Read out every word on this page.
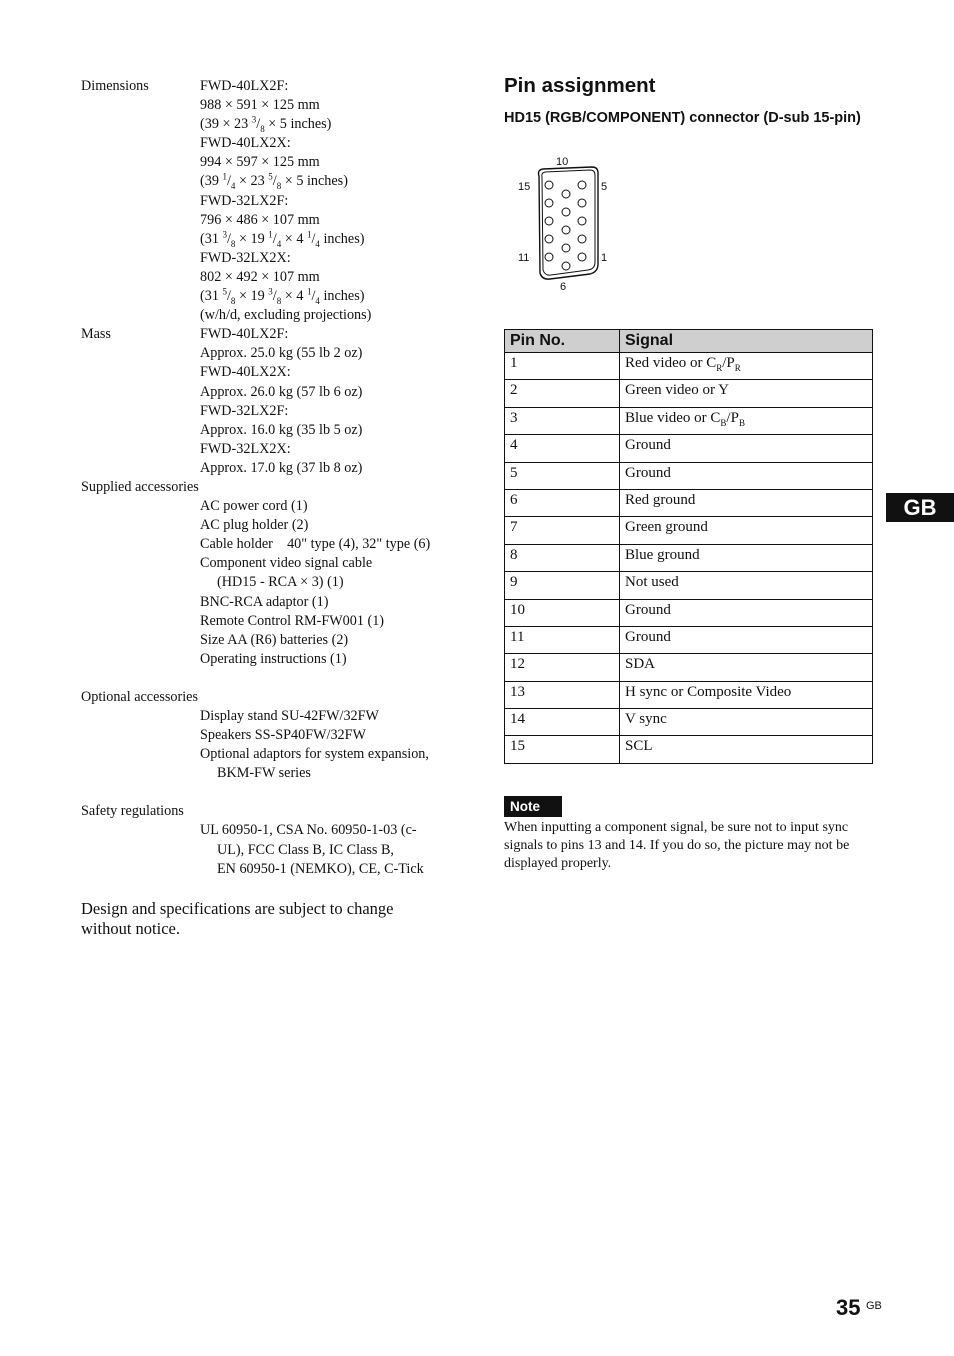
Dimensions	FWD-40LX2F:
988 × 591 × 125 mm
(39 × 23 $^3/_8 \times 5$ inches)
FWD-40LX2X:
994 × 597 × 125 mm
(39 $^1/_4 \times 23$ $^5/_8 \times 5$ inches)
FWD-32LX2F:
796 × 486 × 107 mm
(31 $^3/_8 \times 19$ $^1/_4 \times 4$ $^1/_4$ inches)
FWD-32LX2X:
802 × 492 × 107 mm
(31 $^5/_8 \times 19$ $^3/_8 \times 4$ $^1/_4$ inches)
(w/h/d, excluding projections)
Mass	FWD-40LX2F:
Approx. 25.0 kg (55 lb 2 oz)
FWD-40LX2X:
Approx. 26.0 kg (57 lb 6 oz)
FWD-32LX2F:
Approx. 16.0 kg (35 lb 5 oz)
FWD-32LX2X:
Approx. 17.0 kg (37 lb 8 oz)
Supplied accessories
AC power cord (1)
AC plug holder (2)
Cable holder    40" type (4), 32" type (6)
Component video signal cable
(HD15 - RCA × 3) (1)
BNC-RCA adaptor (1)
Remote Control RM-FW001 (1)
Size AA (R6) batteries (2)
Operating instructions (1)
Optional accessories
Display stand SU-42FW/32FW
Speakers SS-SP40FW/32FW
Optional adaptors for system expansion,
BKM-FW series
Safety regulations
UL 60950-1, CSA No. 60950-1-03 (c-
UL), FCC Class B, IC Class B,
EN 60950-1 (NEMKO), CE, C-Tick
Design and specifications are subject to change without notice.
Pin assignment
HD15 (RGB/COMPONENT) connector (D-sub 15-pin)
10
15	5
11	1
6
Pin No.	Signal
1	Red video or $C_R/P_R$
2	Green video or Y
3	Blue video or $C_B/P_B$
4	Ground
5	Ground
6	Red ground
7	Green ground
8	Blue ground
9	Not used
10	Ground
11	Ground
12	SDA
13	H sync or Composite Video
14	V sync
15	SCL
Note
When inputting a component signal, be sure not to input sync signals to pins 13 and 14. If you do so, the picture may not be displayed properly.
GB
35 GB
